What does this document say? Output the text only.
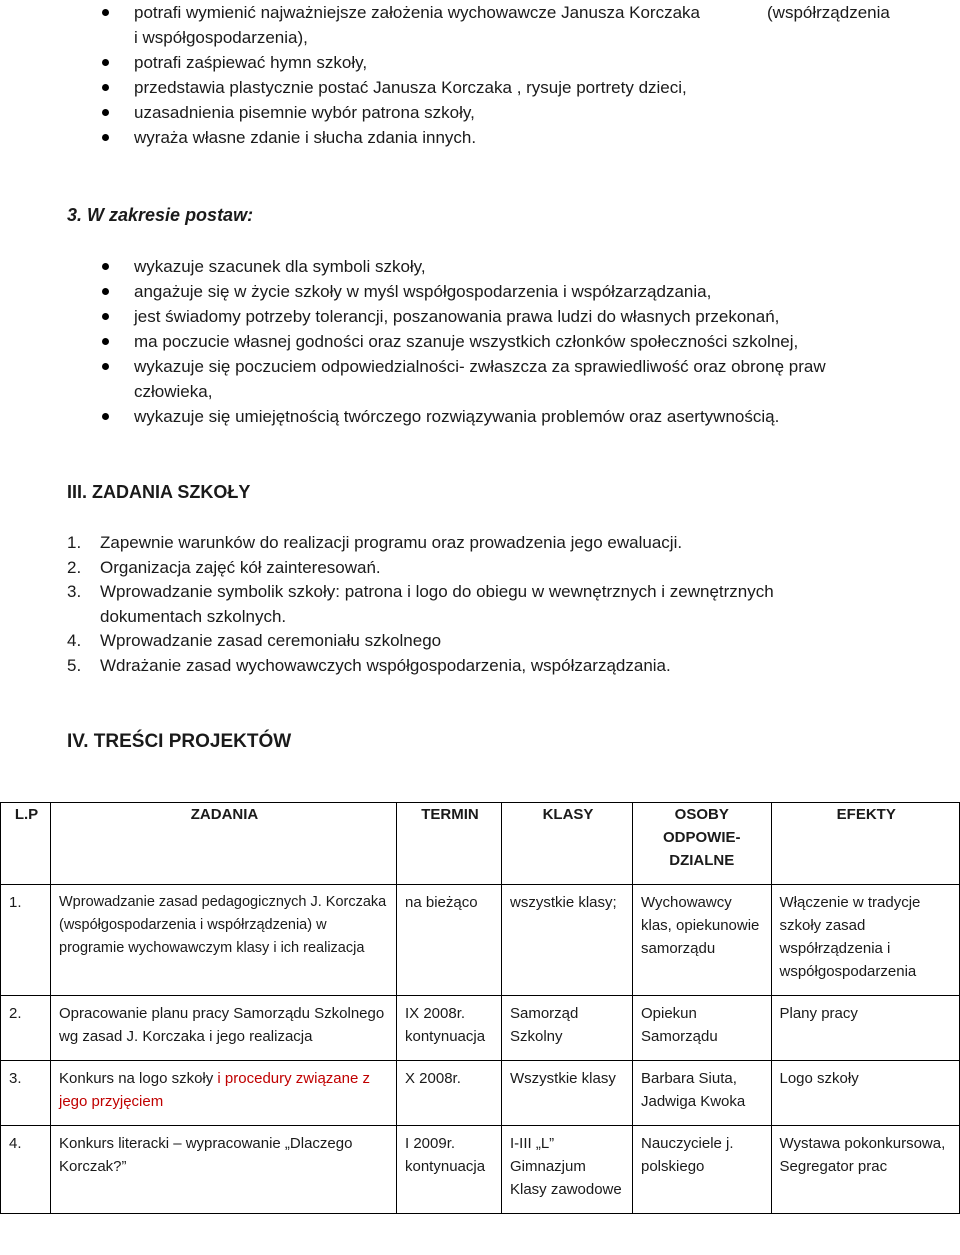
potrafi wymienić najważniejsze założenia wychowawcze Janusza Korczaka
i współgospodarzenia),
potrafi zaśpiewać hymn szkoły,
przedstawia plastycznie postać Janusza Korczaka , rysuje portrety dzieci,
uzasadnienia pisemnie wybór patrona szkoły,
wyraża własne zdanie i słucha zdania innych.
(współrządzenia
3. W zakresie postaw:
wykazuje szacunek dla symboli szkoły,
angażuje się w życie szkoły w myśl współgospodarzenia i współzarządzania,
jest świadomy potrzeby tolerancji, poszanowania prawa ludzi do własnych przekonań,
ma poczucie własnej godności oraz szanuje wszystkich członków społeczności szkolnej,
wykazuje się poczuciem odpowiedzialności- zwłaszcza za sprawiedliwość oraz obronę praw człowieka,
wykazuje się umiejętnością twórczego rozwiązywania problemów oraz asertywnością.
III. ZADANIA SZKOŁY
1. Zapewnie warunków do realizacji programu oraz prowadzenia jego ewaluacji.
2. Organizacja zajęć kół zainteresowań.
3. Wprowadzanie symbolik szkoły: patrona i logo do obiegu w wewnętrznych i zewnętrznych dokumentach szkolnych.
4. Wprowadzanie zasad ceremoniału szkolnego
5. Wdrażanie zasad wychowawczych współgospodarzenia, współzarządzania.
IV. TREŚCI PROJEKTÓW
L.P	ZADANIA	TERMIN	KLASY	OSOBY ODPOWIE-DZIALNE	EFEKTY
1.	Wprowadzanie zasad pedagogicznych J. Korczaka (współgospodarzenia i współrządzenia) w programie wychowawczym klasy i ich realizacja	na bieżąco	wszystkie klasy;	Wychowawcy klas, opiekunowie samorządu	Włączenie w tradycje szkoły zasad współrządzenia i współgospodarzenia
2.	Opracowanie planu pracy Samorządu Szkolnego wg zasad J. Korczaka i jego realizacja	IX 2008r. kontynuacja	Samorząd Szkolny	Opiekun Samorządu	Plany pracy
3.	Konkurs na logo szkoły i procedury związane z jego przyjęciem	X 2008r.	Wszystkie klasy	Barbara Siuta, Jadwiga Kwoka	Logo szkoły
4.	Konkurs literacki – wypracowanie „Dlaczego Korczak?”	I 2009r. kontynuacja	I-III „L” Gimnazjum Klasy zawodowe	Nauczyciele j. polskiego	Wystawa pokonkursowa, Segregator prac
